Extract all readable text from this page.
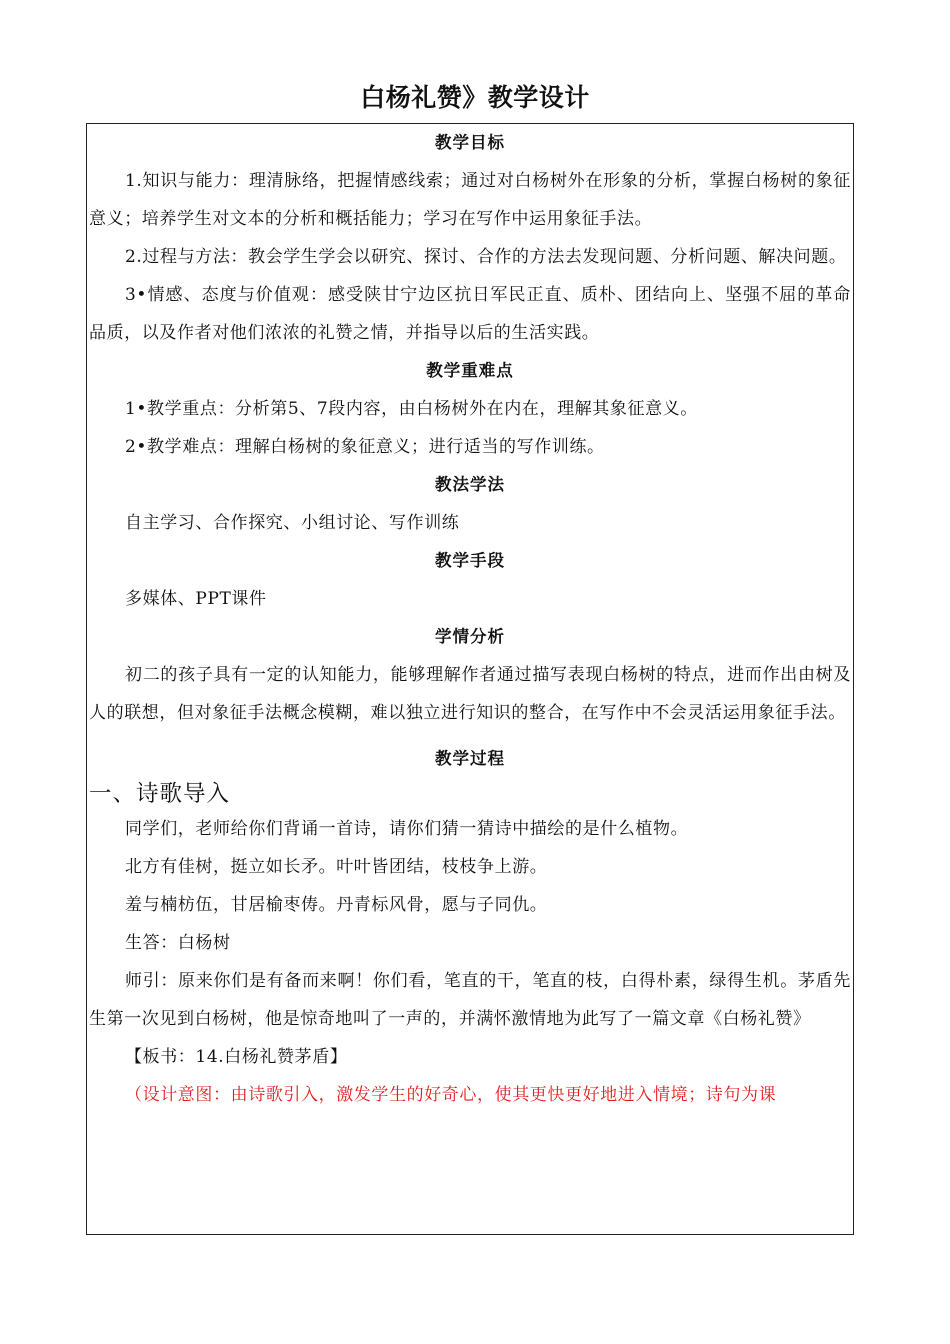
白杨礼赞》教学设计
教学目标
1.知识与能力：理清脉络，把握情感线索；通过对白杨树外在形象的分析，掌握白杨树的象征意义；培养学生对文本的分析和概括能力；学习在写作中运用象征手法。
2.过程与方法：教会学生学会以研究、探讨、合作的方法去发现问题、分析问题、解决问题。
3•情感、态度与价值观：感受陕甘宁边区抗日军民正直、质朴、团结向上、坚强不屈的革命品质，以及作者对他们浓浓的礼赞之情，并指导以后的生活实践。
教学重难点
1•教学重点：分析第5、7段内容，由白杨树外在内在，理解其象征意义。
2•教学难点：理解白杨树的象征意义；进行适当的写作训练。
教法学法
自主学习、合作探究、小组讨论、写作训练
教学手段
多媒体、PPT课件
学情分析
初二的孩子具有一定的认知能力，能够理解作者通过描写表现白杨树的特点，进而作出由树及人的联想，但对象征手法概念模糊，难以独立进行知识的整合，在写作中不会灵活运用象征手法。
教学过程
一、诗歌导入
同学们，老师给你们背诵一首诗，请你们猜一猜诗中描绘的是什么植物。
北方有佳树，挺立如长矛。叶叶皆团结，枝枝争上游。
羞与楠枋伍，甘居榆枣俦。丹青标风骨，愿与子同仇。
生答：白杨树
师引：原来你们是有备而来啊！你们看，笔直的干，笔直的枝，白得朴素，绿得生机。茅盾先生第一次见到白杨树，他是惊奇地叫了一声的，并满怀激情地为此写了一篇文章《白杨礼赞》
【板书：14.白杨礼赞茅盾】
（设计意图：由诗歌引入，激发学生的好奇心，使其更快更好地进入情境；诗句为课
